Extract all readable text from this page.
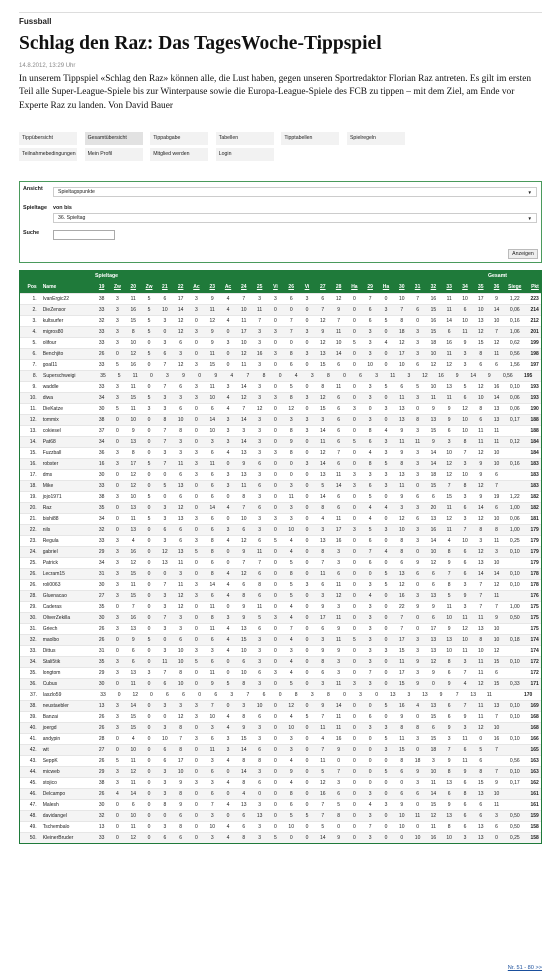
Fussball
Schlag den Raz: Das TagesWoche-Tippspiel
14.8.2012, 13:29 Uhr

In unserem Tippspiel «Schlag den Raz» können alle, die Lust haben, gegen unseren Sportredaktor Florian Raz antreten. Es gilt im ersten Teil alle Super-League-Spiele bis zur Winterpause sowie die Europa-League-Spiele des FCB zu tippen – mit dem Ziel, am Ende vor Experte Raz zu landen. Von David Bauer

Tippübersicht	Gesamtübersicht	Tippabgabe	Tabellen	Tipptabellen	Spielregeln
Teilnahmebedingungen	Mein Profil	Mitglied werden	Login
Ansicht	Spieltagspunkte	▼
Spieltage von bis
36. Spieltag	▼
Suche
Anzeigen
Spieltage	Gesamt
Pos	Name	19	Zw	20	Zw	21	22	Ac	23	Ac	24	25	Vi	26	Vi	27	28	Ha	29	Ha	30	31	32	33	34	35	36	Siege	Pkt
1.	IvanErgic22	38	3	11	5	6	17	3	9	4	7	3	3	6	3	6	12	0	7	0	10	7	16	11	10	17	9	1,22	223
2.	DieZensor	33	3	16	5	10	14	3	11	4	10	11	0	0	0	7	9	0	6	3	7	6	15	11	6	10	14	0,06	214
3.	kultsurfer	32	3	15	5	3	12	0	12	4	11	7	0	7	0	12	7	0	6	5	8	0	16	14	10	13	10	0,16	212
4.	migros80	33	3	8	5	0	12	3	9	0	17	3	3	7	3	9	11	0	3	0	18	3	15	6	11	12	7	1,06	201
5.	olifour	33	3	10	0	3	6	0	9	3	10	3	0	0	0	12	10	5	3	4	12	3	18	16	9	15	12	0,62	199
6.	Benchjito	26	0	12	5	6	3	0	11	0	12	16	3	8	3	13	14	0	3	0	17	3	10	11	3	8	11	0,56	198
7.	goal11	33	5	16	0	7	12	3	15	0	11	3	0	6	0	15	6	0	10	0	10	6	12	12	3	6	6	1,56	197
8.	Superschweigi	35	5	11	0	3	9	0	9	4	7	8	0	4	3	8	0	6	3	11	3	12	16	9	14	9	0,56	195
9.	waddle	33	3	11	0	7	6	3	11	3	14	3	0	5	0	8	11	0	3	5	6	5	10	13	5	12	16	0,10	193
10.	diwa	34	3	15	5	3	3	3	10	4	12	3	3	8	3	12	6	0	3	0	11	3	11	11	6	10	14	0,06	193
11.	DieKatze	30	5	11	3	3	6	0	6	4	7	12	0	12	0	15	6	3	0	3	13	0	9	9	12	8	13	0,06	190
12.	tommix	38	0	10	0	8	10	0	14	3	14	3	0	3	3	3	6	0	3	0	13	8	13	9	10	6	13	0,17	188
13.	cokiesel	37	0	9	0	7	8	0	10	3	3	3	0	8	3	14	6	0	8	4	9	3	15	6	10	11	11	188
14.	Pat68	34	0	13	0	7	3	0	3	3	14	3	0	9	0	11	6	5	6	3	11	11	9	3	8	11	11	0,12	184
15.	Fuzzball	36	3	8	0	3	3	3	6	4	13	3	3	8	0	12	7	0	4	3	9	3	14	10	7	12	10	184
16.	robster	16	3	17	5	7	11	3	11	0	9	6	0	0	3	14	6	0	8	5	8	3	14	12	3	9	10	0,16	183
17.	dms	30	0	12	0	0	6	3	6	3	13	3	0	0	0	13	11	3	3	3	13	3	18	12	10	9	6	183
18.	Mike	33	0	12	0	5	13	0	6	3	11	6	0	3	0	5	14	3	6	3	11	0	15	7	8	12	7	183
19.	jojo1971	38	3	10	5	0	6	0	6	0	8	3	0	11	0	14	6	0	5	0	9	6	6	15	3	9	19	1,22	182
20.	Raz	35	0	13	0	3	12	0	14	4	7	6	0	3	0	8	6	0	4	4	3	3	20	11	6	14	6	1,00	182
21.	bishi88	34	0	11	5	3	13	3	6	0	10	3	3	3	0	4	11	0	4	0	12	6	13	12	3	12	10	0,06	181
22.	nils	32	0	13	0	6	6	0	6	3	6	3	0	10	0	3	17	3	5	3	10	3	16	11	7	8	8	1,00	179
23.	Regula	33	3	4	0	3	6	3	8	4	12	6	5	4	0	13	16	0	6	0	8	3	14	4	10	3	11	0,25	179
24.	gabriel	29	3	16	0	12	13	5	8	0	9	11	0	4	0	8	3	0	7	4	8	0	10	8	6	12	3	0,10	179
25.	Patrick	34	3	12	0	13	11	0	6	0	7	7	0	5	0	7	3	0	6	0	6	9	12	9	6	13	10	179
26.	Lecram15	31	3	15	0	0	3	0	8	4	12	6	0	8	0	11	6	0	0	5	13	6	6	7	6	14	14	0,10	178
26.	roli0063	30	3	11	0	7	11	3	14	4	6	8	0	5	3	6	11	0	3	5	12	0	6	8	3	7	12	0,10	178
28.	Gluenacao	27	3	15	0	3	12	3	6	4	8	6	0	5	0	3	12	0	4	0	16	3	13	5	9	7	11	176
29.	Caderas	35	0	7	0	3	12	0	11	0	9	11	0	4	0	9	3	0	3	0	22	9	9	11	3	7	7	1,00	175
30.	OliverZekilla	30	3	16	0	7	3	0	8	3	9	5	3	4	0	17	11	0	3	0	7	0	6	10	11	11	9	0,50	175
31.	Griech	26	3	13	0	3	3	0	11	4	13	6	0	7	0	6	9	0	3	0	7	0	17	9	12	13	10	175
32.	maolbo	26	0	9	5	0	6	0	6	4	15	3	0	4	0	3	11	5	3	0	17	3	13	13	10	8	10	0,18	174
33.	Dittus	31	0	6	0	3	10	3	3	4	10	3	0	3	0	9	9	0	3	3	15	3	13	10	11	10	12	174
34.	Stali5tik	35	3	6	0	11	10	5	6	0	6	3	0	4	0	8	3	0	3	0	11	9	12	8	3	11	15	0,10	172
35.	longtom	29	3	13	3	7	8	0	11	0	10	6	3	4	0	6	3	0	7	0	17	3	9	6	7	11	6	172
36.	Cubus	30	0	11	0	6	10	0	9	5	8	3	0	5	0	3	11	3	3	0	15	9	0	9	4	12	15	0,33	171
37.	laszlo59	33	0	12	0	6	6	0	6	3	7	6	0	8	3	8	0	3	0	13	3	13	9	7	13	11	170
38.	neustaebler	13	3	14	0	3	3	3	7	0	3	10	0	12	0	9	14	0	0	5	16	4	13	6	7	11	13	0,10	169
39.	Banzai	26	3	15	0	0	12	3	10	4	8	6	0	4	5	7	11	0	6	0	9	0	15	6	9	11	7	0,10	168
40.	joergd	26	3	15	0	3	8	0	3	4	9	3	0	10	0	11	11	0	3	3	8	8	6	9	3	12	10	168
41.	andypin	28	0	4	0	10	7	3	6	3	15	3	0	3	0	4	16	0	0	5	11	3	15	3	11	0	16	0,10	166
42.	wit	27	0	10	0	6	8	0	11	3	14	6	0	3	0	7	9	0	0	3	15	0	18	7	6	5	7	165
43.	SeppK	26	5	11	0	6	17	0	3	4	8	8	0	4	0	11	0	0	0	0	8	18	3	9	11	6	0,56	163
44.	micweb	29	3	12	0	3	10	0	6	0	14	3	0	9	0	5	7	0	0	5	6	9	10	8	9	8	7	0,10	163
45.	stojico	38	3	11	0	3	9	3	3	4	8	6	0	4	0	12	3	0	0	0	0	3	11	13	6	15	9	0,17	162
46.	Delcampo	26	4	14	0	3	8	0	6	0	4	0	0	8	0	16	6	0	3	0	6	6	14	6	8	13	10	161
47.	Malesh	30	0	6	0	8	9	0	7	4	13	3	0	6	0	7	5	0	4	3	9	0	15	9	6	6	11	161
48.	davidangel	32	0	10	0	0	6	0	3	0	6	13	0	5	5	7	8	0	3	0	10	11	12	13	6	6	3	0,50	159
49.	Tschembalo	13	0	11	0	3	8	0	10	4	6	3	0	10	0	5	0	0	7	0	10	0	11	8	6	13	6	0,50	158
50.	KleinerBruder	33	0	12	0	6	6	0	3	4	8	3	5	0	0	14	9	0	3	0	0	10	16	10	3	13	0	0,25	158
Nr. 51 - 80 >>
